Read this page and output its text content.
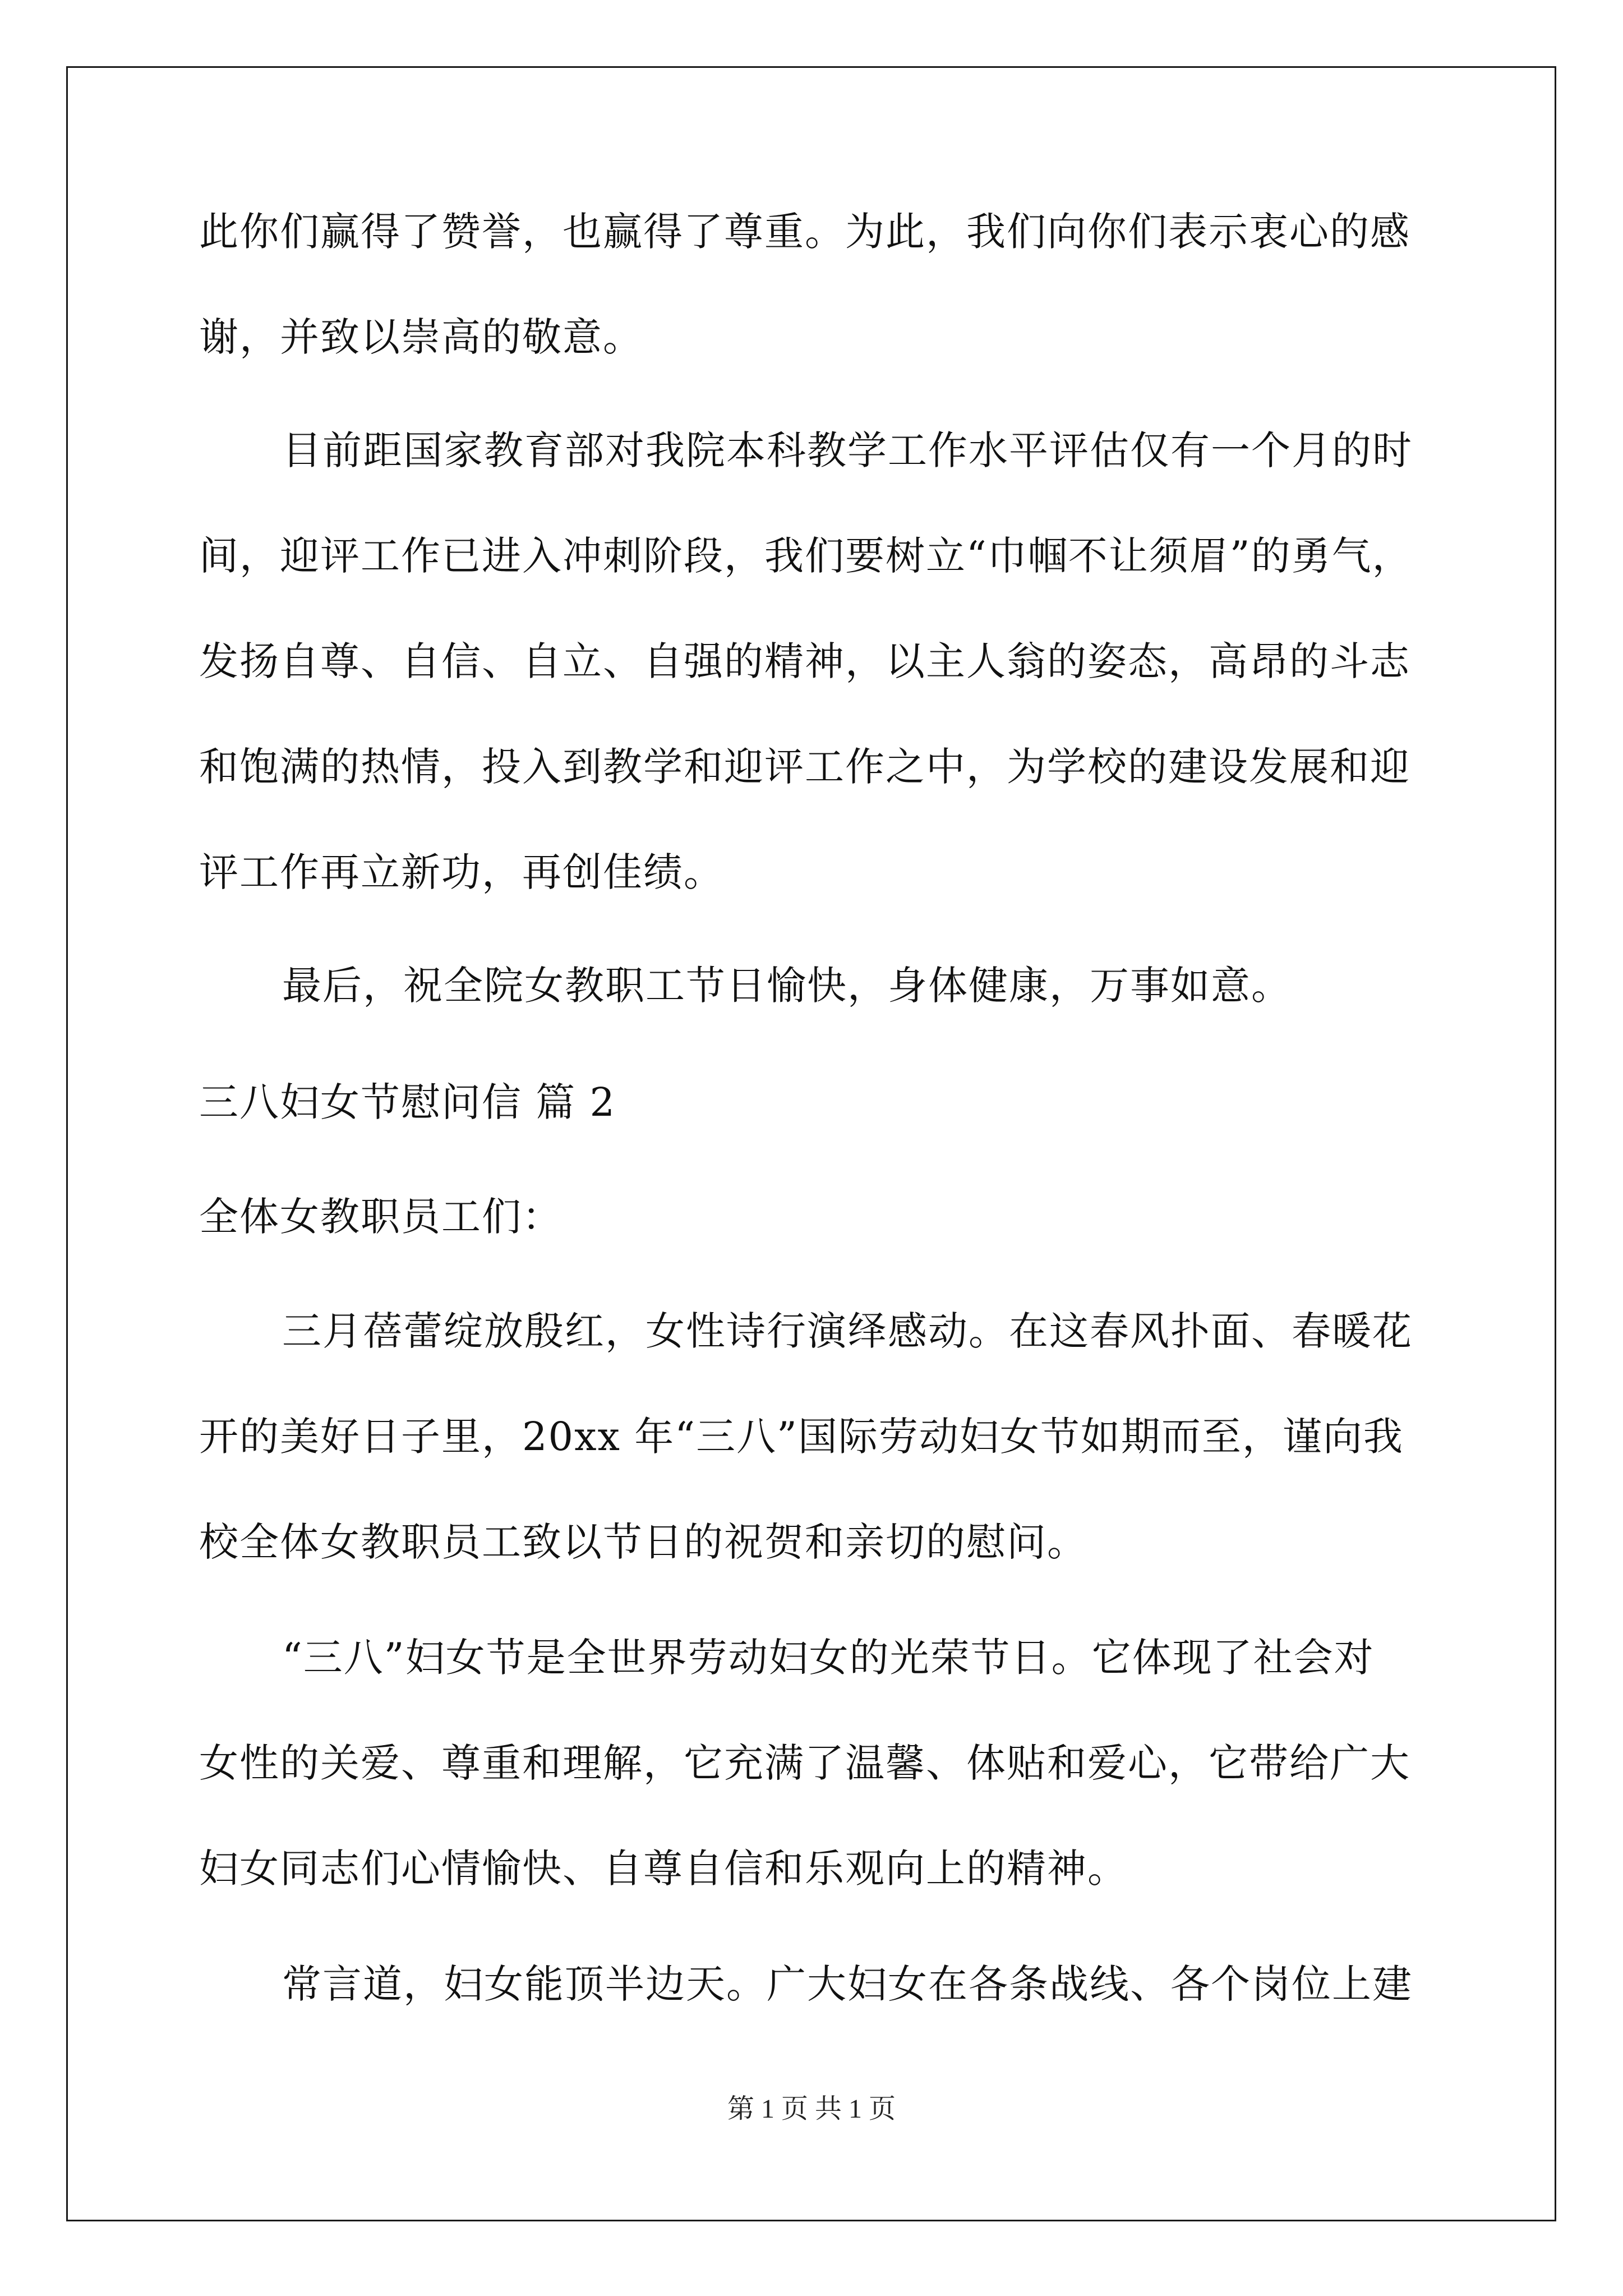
此你们赢得了赞誉，也赢得了尊重。为此，我们向你们表示衷心的感
谢，并致以崇高的敬意。
目前距国家教育部对我院本科教学工作水平评估仅有一个月的时
间，迎评工作已进入冲刺阶段，我们要树立“巾帼不让须眉”的勇气，
发扬自尊、自信、自立、自强的精神，以主人翁的姿态，高昂的斗志
和饱满的热情，投入到教学和迎评工作之中，为学校的建设发展和迎
评工作再立新功，再创佳绩。
最后，祝全院女教职工节日愉快，身体健康，万事如意。
三八妇女节慰问信 篇 2
全体女教职员工们：
三月蓓蕾绽放殷红，女性诗行演绎感动。在这春风扑面、春暖花
开的美好日子里，20xx 年“三八”国际劳动妇女节如期而至，谨向我
校全体女教职员工致以节日的祝贺和亲切的慰问。
“三八”妇女节是全世界劳动妇女的光荣节日。它体现了社会对
女性的关爱、尊重和理解，它充满了温馨、体贴和爱心，它带给广大
妇女同志们心情愉快、自尊自信和乐观向上的精神。
常言道，妇女能顶半边天。广大妇女在各条战线、各个岗位上建
第 1 页 共 1 页
